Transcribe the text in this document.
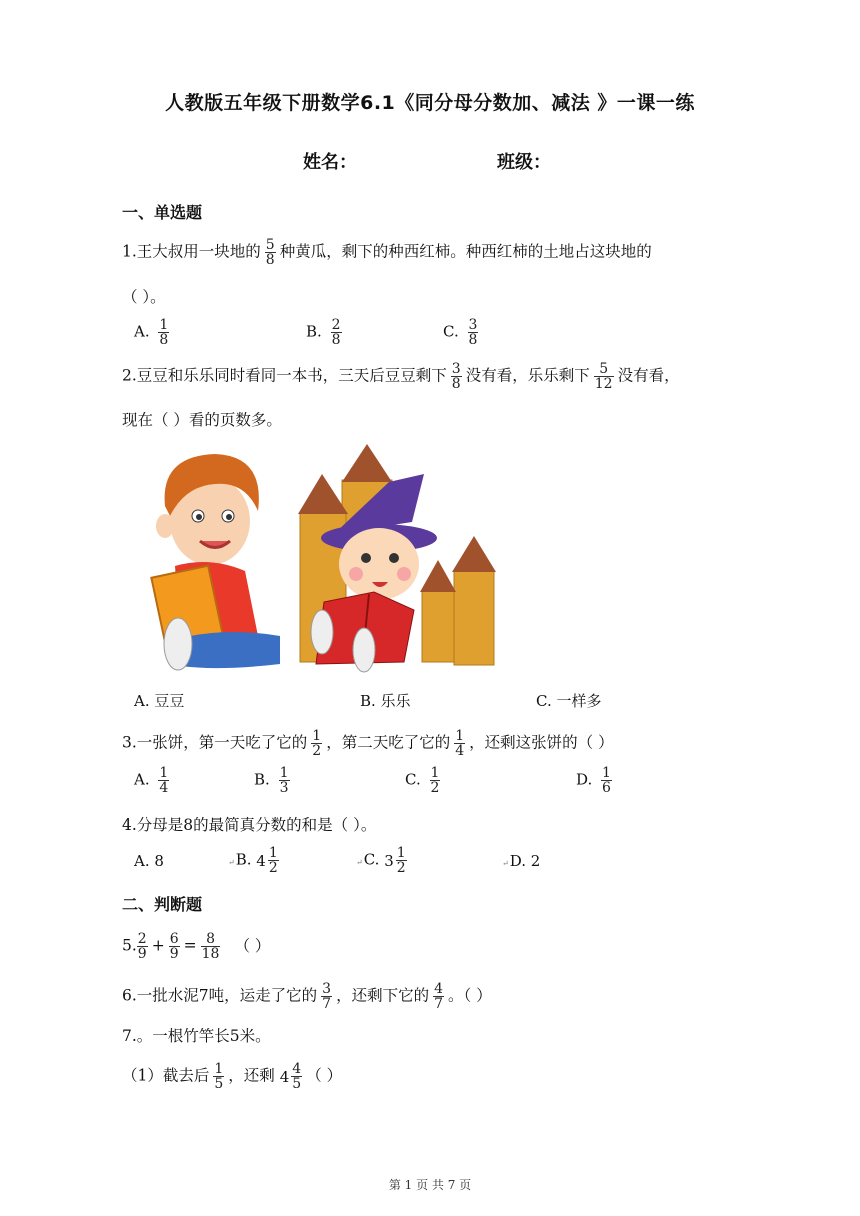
人教版五年级下册数学6.1《同分母分数加、减法 》一课一练
姓名：	班级：
一、单选题
1.王大叔用一块地的 $\frac{5}{8}$ 种黄瓜，剩下的种西红柿。种西红柿的土地占这块地的
（ ）。
A. $\frac{1}{8}$	B. $\frac{2}{8}$	C. $\frac{3}{8}$
2.豆豆和乐乐同时看同一本书，三天后豆豆剩下 $\frac{3}{8}$ 没有看，乐乐剩下 $\frac{5}{12}$ 没有看，
现在（ ）看的页数多。
A. 豆豆	B. 乐乐	C. 一样多
3.一张饼，第一天吃了它的 $\frac{1}{2}$ ，第二天吃了它的 $\frac{1}{4}$ ，还剩这张饼的（ ）
A. $\frac{1}{4}$	B. $\frac{1}{3}$	C. $\frac{1}{2}$	D. $\frac{1}{6}$
4.分母是8的最简真分数的和是（ ）。
A. 8	↵B. $4 \frac{1}{2}$	↵C. $3 \frac{1}{2}$	↵D. 2
二、判断题
5. $\frac{2}{9} + \frac{6}{9} = \frac{8}{18}$ （ ）
6.一批水泥7吨，运走了它的 $\frac{3}{7}$ ，还剩下它的 $\frac{4}{7}$ 。（ ）
7.。一根竹竿长5米。
（1）截去后 $\frac{1}{5}$ ，还剩 $4 \frac{4}{5}$ （ ）
第 1 页 共 7 页
